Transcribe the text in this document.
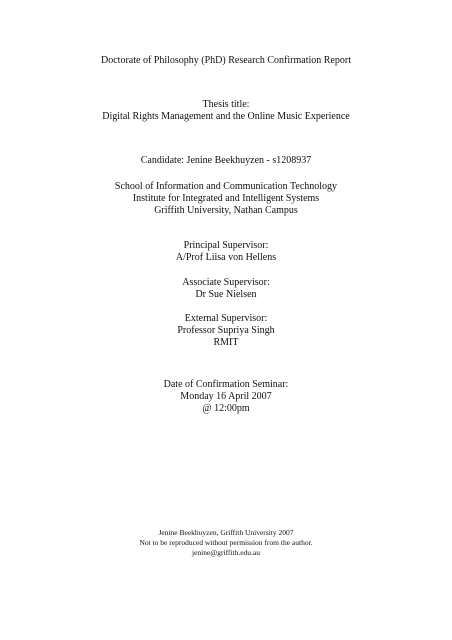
Doctorate of Philosophy (PhD) Research Confirmation Report
Thesis title:
Digital Rights Management and the Online Music Experience
Candidate: Jenine Beekhuyzen - s1208937
School of Information and Communication Technology
Institute for Integrated and Intelligent Systems
Griffith University, Nathan Campus
Principal Supervisor:
A/Prof Liisa von Hellens
Associate Supervisor:
Dr Sue Nielsen
External Supervisor:
Professor Supriya Singh
RMIT
Date of Confirmation Seminar:
Monday 16 April 2007
@ 12:00pm
Jenine Beekhuyzen, Griffith University 2007
Not to be reproduced without permission from the author.
jenine@griffith.edu.au
